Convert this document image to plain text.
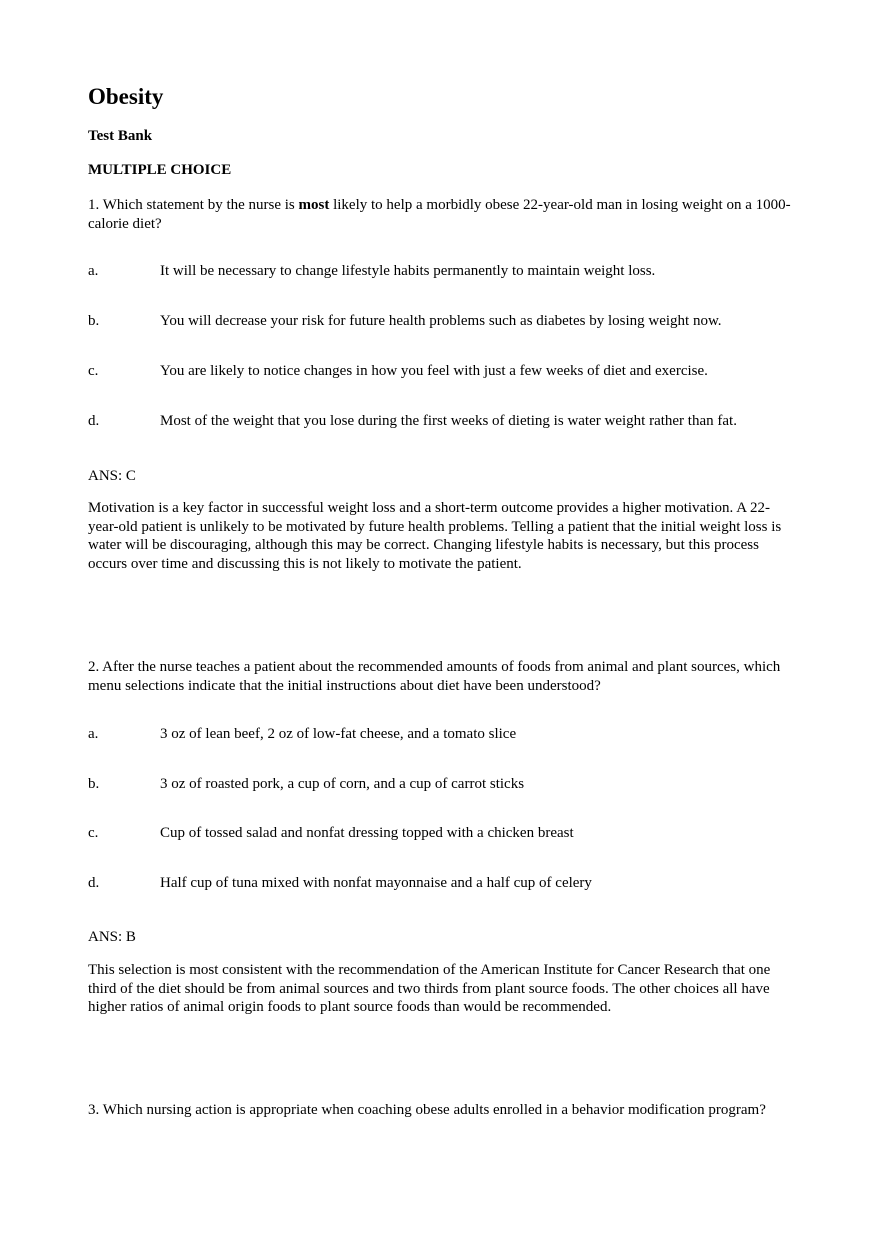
Obesity
Test Bank
MULTIPLE CHOICE
1. Which statement by the nurse is most likely to help a morbidly obese 22-year-old man in losing weight on a 1000-calorie diet?
a.	It will be necessary to change lifestyle habits permanently to maintain weight loss.
b.	You will decrease your risk for future health problems such as diabetes by losing weight now.
c.	You are likely to notice changes in how you feel with just a few weeks of diet and exercise.
d.	Most of the weight that you lose during the first weeks of dieting is water weight rather than fat.
ANS: C
Motivation is a key factor in successful weight loss and a short-term outcome provides a higher motivation. A 22-year-old patient is unlikely to be motivated by future health problems. Telling a patient that the initial weight loss is water will be discouraging, although this may be correct. Changing lifestyle habits is necessary, but this process occurs over time and discussing this is not likely to motivate the patient.
2. After the nurse teaches a patient about the recommended amounts of foods from animal and plant sources, which menu selections indicate that the initial instructions about diet have been understood?
a.	3 oz of lean beef, 2 oz of low-fat cheese, and a tomato slice
b.	3 oz of roasted pork, a cup of corn, and a cup of carrot sticks
c.	Cup of tossed salad and nonfat dressing topped with a chicken breast
d.	Half cup of tuna mixed with nonfat mayonnaise and a half cup of celery
ANS: B
This selection is most consistent with the recommendation of the American Institute for Cancer Research that one third of the diet should be from animal sources and two thirds from plant source foods. The other choices all have higher ratios of animal origin foods to plant source foods than would be recommended.
3. Which nursing action is appropriate when coaching obese adults enrolled in a behavior modification program?
